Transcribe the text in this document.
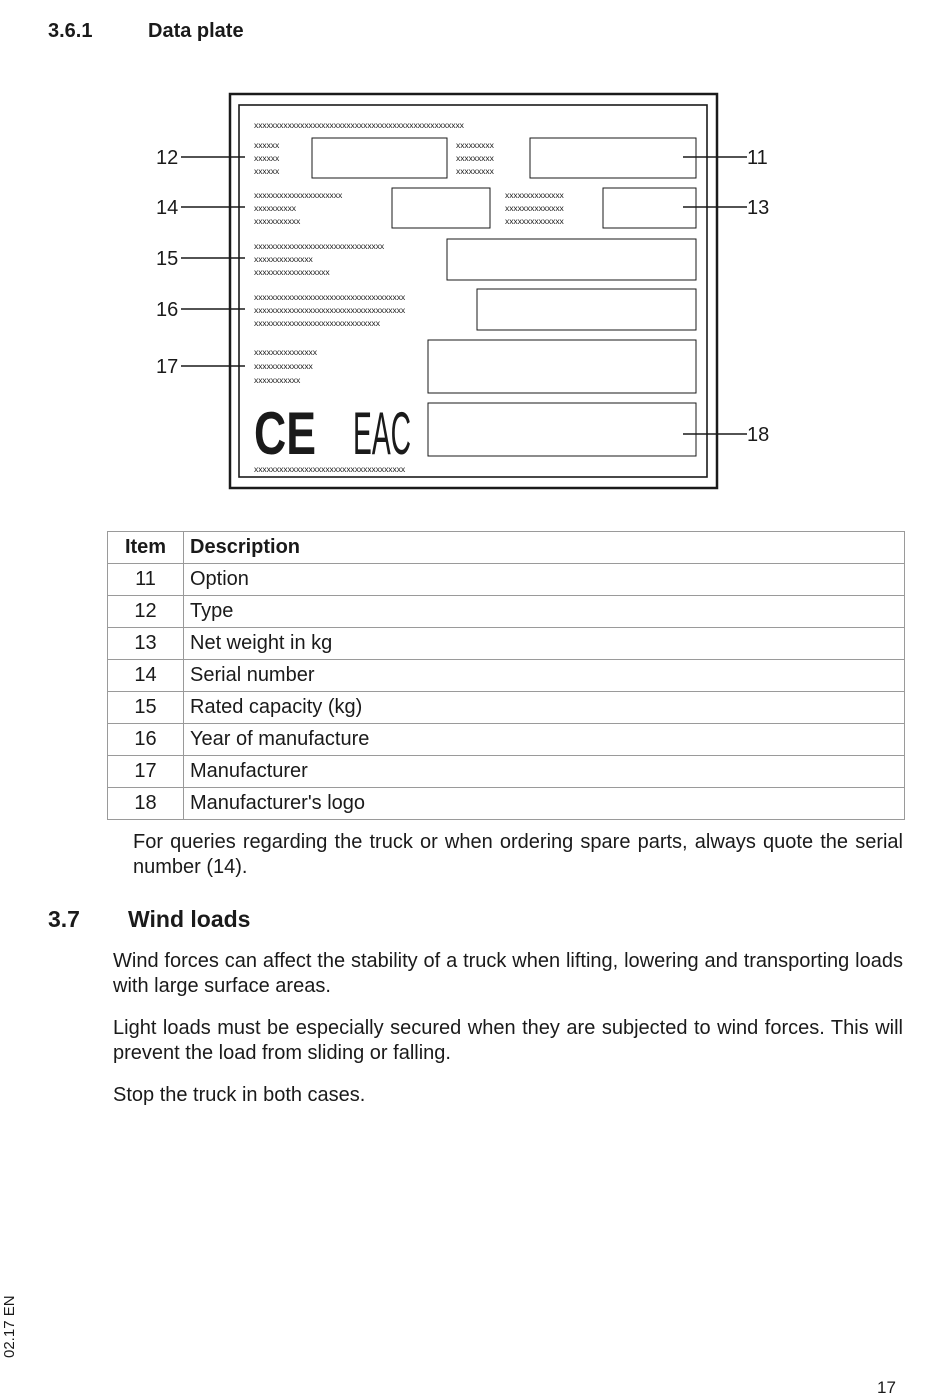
3.6.1	Data plate
xxxxxxxxxxxxxxxxxxxxxxxxxxxxxxxxxxxxxxxxxxxxxxxxxx
xxxxxx
xxxxxx
xxxxxx
xxxxxxxxx
xxxxxxxxx
xxxxxxxxx
xxxxxxxxxxxxxxxxxxxxx
xxxxxxxxxx
xxxxxxxxxxx
xxxxxxxxxxxxxx
xxxxxxxxxxxxxx
xxxxxxxxxxxxxx
xxxxxxxxxxxxxxxxxxxxxxxxxxxxxxx
xxxxxxxxxxxxxx
xxxxxxxxxxxxxxxxxx
xxxxxxxxxxxxxxxxxxxxxxxxxxxxxxxxxxxx
xxxxxxxxxxxxxxxxxxxxxxxxxxxxxxxxxxxx
xxxxxxxxxxxxxxxxxxxxxxxxxxxxxx
xxxxxxxxxxxxxxx
xxxxxxxxxxxxxx
xxxxxxxxxxx
CE EAC
xxxxxxxxxxxxxxxxxxxxxxxxxxxxxxxxxxxx
12
14
15
16
17
11
13
18
Item	Description
11	Option
12	Type
13	Net weight in kg
14	Serial number
15	Rated capacity (kg)
16	Year of manufacture
17	Manufacturer
18	Manufacturer's logo
For queries regarding the truck or when ordering spare parts, always quote the serial number (14).
3.7 Wind loads
Wind forces can affect the stability of a truck when lifting, lowering and transporting loads with large surface areas.
Light loads must be especially secured when they are subjected to wind forces. This will prevent the load from sliding or falling.
Stop the truck in both cases.
02.17 EN
17
